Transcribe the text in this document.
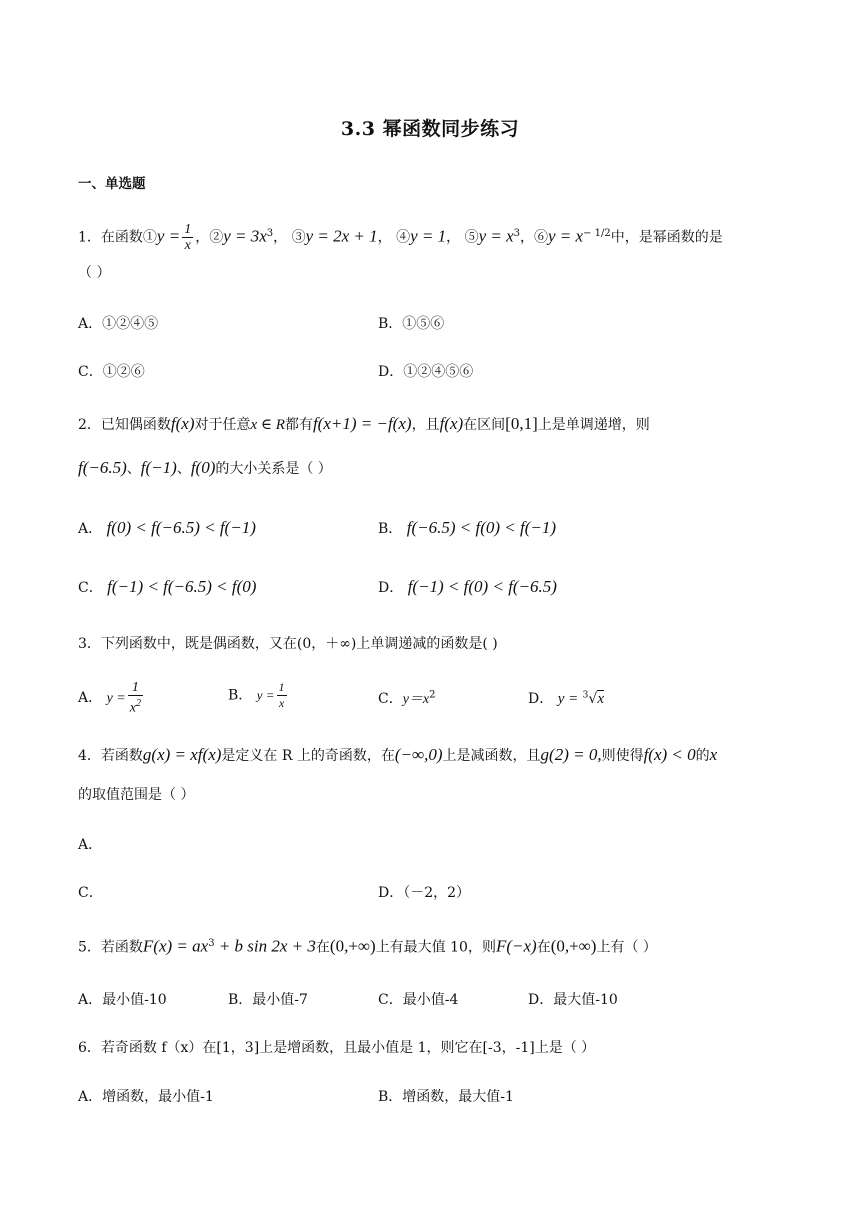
3.3 幂函数同步练习
一、单选题
1．在函数①y = $\frac{1}{x}$ ，②y = $3x^3$， ③y = 2x + 1， ④y = 1， ⑤y = $x^3$，⑥y = $x^{- 1/2}$中，是幂函数的是
（ ）
A．①②④⑤	B．①⑤⑥
C．①②⑥	D．①②④⑤⑥
2．已知偶函数f(x)对于任意x ∈ R都有f(x+1) = −f(x)，且f(x)在区间[0,1]上是单调递增，则
f(−6.5)、f(−1)、f(0)的大小关系是（ ）
A． f(0) < f(−6.5) < f(−1)	B． f(−6.5) < f(0) < f(−1)
C． f(−1) < f(−6.5) < f(0)	D． f(−1) < f(0) < f(−6.5)
3．下列函数中，既是偶函数，又在(0，＋∞)上单调递减的函数是( )
A． $y = \frac{1}{x^2}$	B． $y = \frac{1}{x}$	C．$y=x^2$	D． y = $^3$√x
4．若函数g(x) = xf(x)是定义在 R 上的奇函数，在(−∞,0)上是减函数，且g(2) = 0,则使得f(x) < 0的x
的取值范围是（ ）
A．
C．	D．（－2，2）
5．若函数$F(x) = ax^3 + b$ sin 2x + 3在(0,+∞)上有最大值 10，则F(−x)在(0,+∞)上有（ ）
A．最小值-10	B．最小值-7	C．最小值-4	D．最大值-10
6．若奇函数 f（x）在[1，3]上是增函数，且最小值是 1，则它在[-3，-1]上是（ ）
A．增函数，最小值-1	B．增函数，最大值-1
